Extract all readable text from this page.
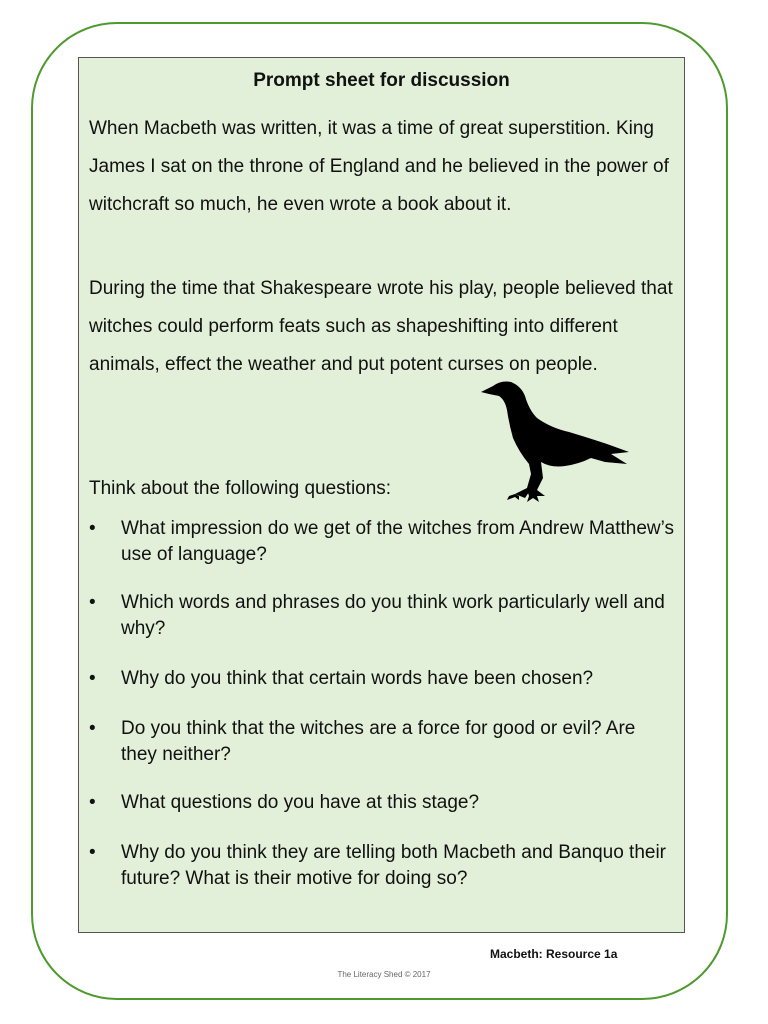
Prompt sheet for discussion

When Macbeth was written, it was a time of great superstition. King James I sat on the throne of England and he believed in the power of witchcraft so much, he even wrote a book about it.

During the time that Shakespeare wrote his play, people believed that witches could perform feats such as shapeshifting into different animals, effect the weather and put potent curses on people.

Think about the following questions:

• What impression do we get of the witches from Andrew Matthew’s use of language?
• Which words and phrases do you think work particularly well and why?
• Why do you think that certain words have been chosen?
• Do you think that the witches are a force for good or evil? Are they neither?
• What questions do you have at this stage?
• Why do you think they are telling both Macbeth and Banquo their future? What is their motive for doing so?
Macbeth: Resource 1a
The Literacy Shed © 2017
